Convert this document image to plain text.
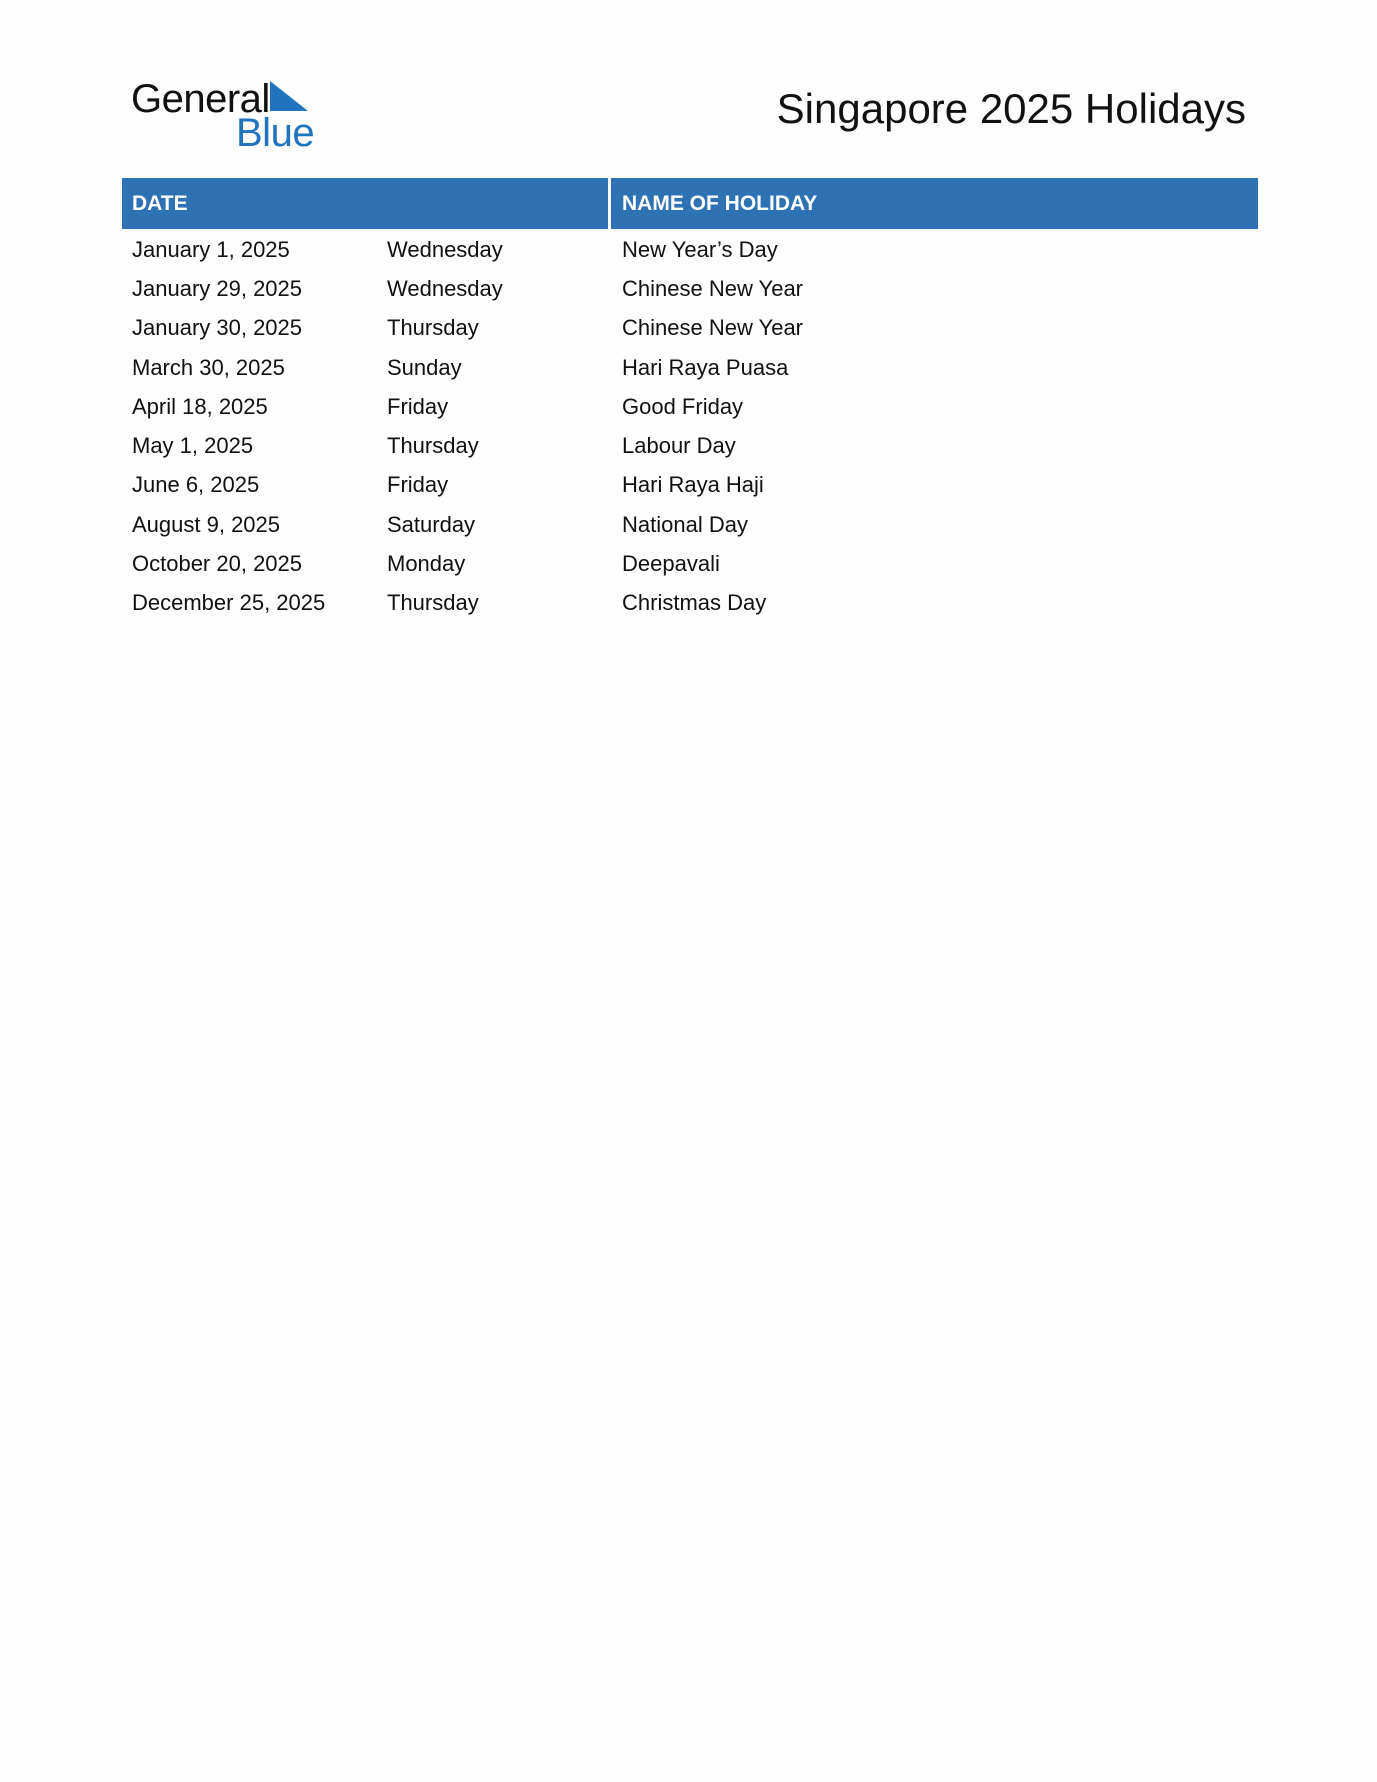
General
Blue
Singapore 2025 Holidays
DATE	NAME OF HOLIDAY
January 1, 2025	Wednesday	New Year’s Day
January 29, 2025	Wednesday	Chinese New Year
January 30, 2025	Thursday	Chinese New Year
March 30, 2025	Sunday	Hari Raya Puasa
April 18, 2025	Friday	Good Friday
May 1, 2025	Thursday	Labour Day
June 6, 2025	Friday	Hari Raya Haji
August 9, 2025	Saturday	National Day
October 20, 2025	Monday	Deepavali
December 25, 2025	Thursday	Christmas Day
